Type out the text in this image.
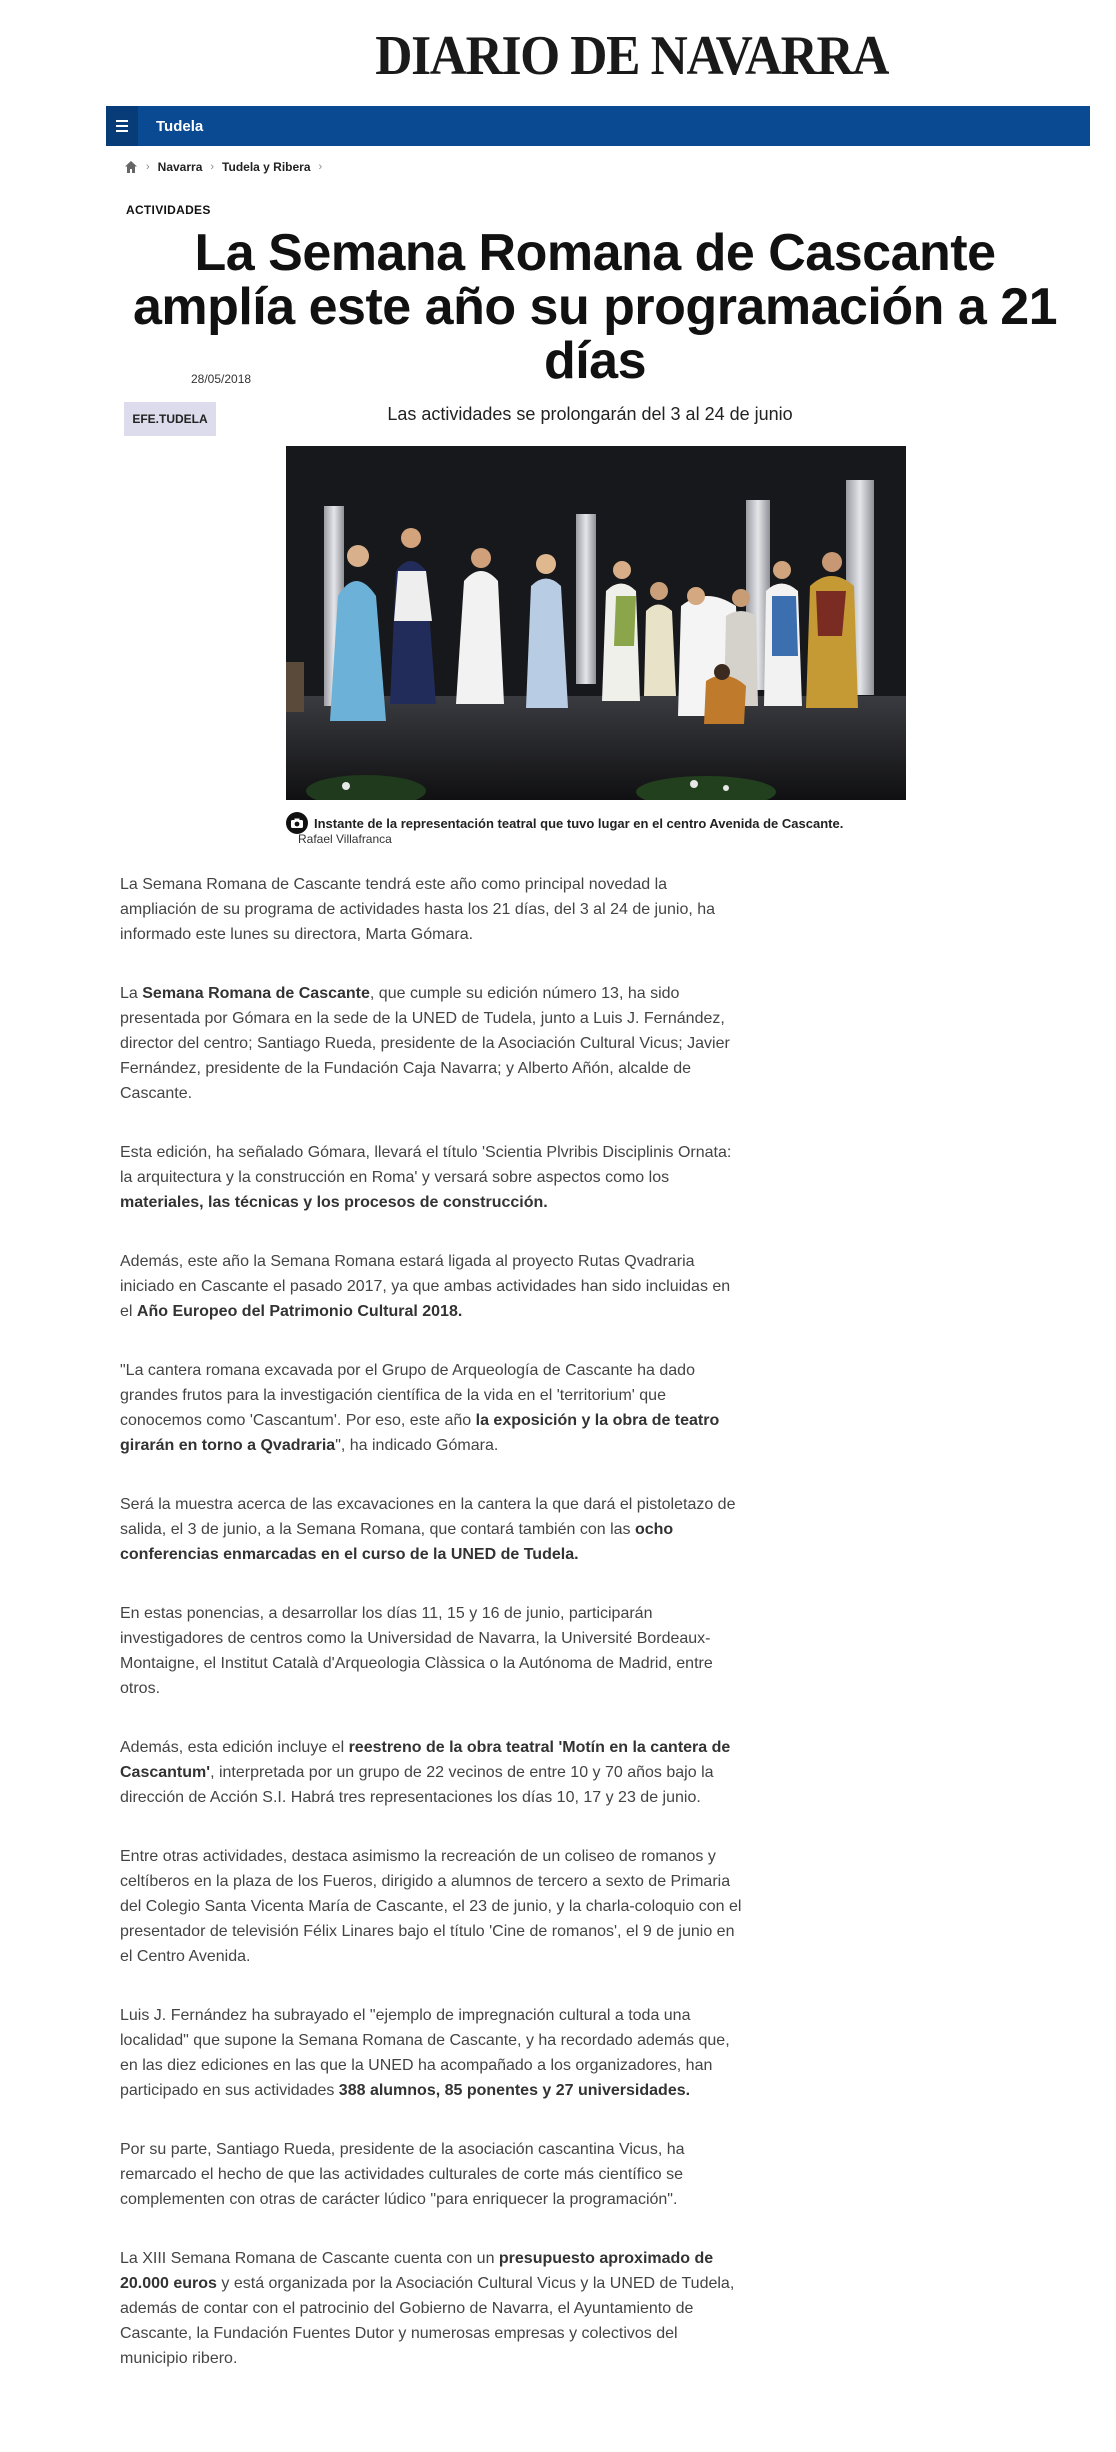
DIARIO DE NAVARRA
Tudela
› Navarra › Tudela y Ribera ›
ACTIVIDADES
La Semana Romana de Cascante amplía este año su programación a 21 días
28/05/2018
EFE.TUDELA	Las actividades se prolongarán del 3 al 24 de junio
Instante de la representación teatral que tuvo lugar en el centro Avenida de Cascante.
Rafael Villafranca

La Semana Romana de Cascante tendrá este año como principal novedad la ampliación de su programa de actividades hasta los 21 días, del 3 al 24 de junio, ha informado este lunes su directora, Marta Gómara.

La Semana Romana de Cascante, que cumple su edición número 13, ha sido presentada por Gómara en la sede de la UNED de Tudela, junto a Luis J. Fernández, director del centro; Santiago Rueda, presidente de la Asociación Cultural Vicus; Javier Fernández, presidente de la Fundación Caja Navarra; y Alberto Añón, alcalde de Cascante.

Esta edición, ha señalado Gómara, llevará el título 'Scientia Plvribis Disciplinis Ornata: la arquitectura y la construcción en Roma' y versará sobre aspectos como los materiales, las técnicas y los procesos de construcción.

Además, este año la Semana Romana estará ligada al proyecto Rutas Qvadraria iniciado en Cascante el pasado 2017, ya que ambas actividades han sido incluidas en el Año Europeo del Patrimonio Cultural 2018.

"La cantera romana excavada por el Grupo de Arqueología de Cascante ha dado grandes frutos para la investigación científica de la vida en el 'territorium' que conocemos como 'Cascantum'. Por eso, este año la exposición y la obra de teatro girarán en torno a Qvadraria", ha indicado Gómara.

Será la muestra acerca de las excavaciones en la cantera la que dará el pistoletazo de salida, el 3 de junio, a la Semana Romana, que contará también con las ocho conferencias enmarcadas en el curso de la UNED de Tudela.

En estas ponencias, a desarrollar los días 11, 15 y 16 de junio, participarán investigadores de centros como la Universidad de Navarra, la Université Bordeaux-Montaigne, el Institut Català d'Arqueologia Clàssica o la Autónoma de Madrid, entre otros.

Además, esta edición incluye el reestreno de la obra teatral 'Motín en la cantera de Cascantum', interpretada por un grupo de 22 vecinos de entre 10 y 70 años bajo la dirección de Acción S.I. Habrá tres representaciones los días 10, 17 y 23 de junio.

Entre otras actividades, destaca asimismo la recreación de un coliseo de romanos y celtíberos en la plaza de los Fueros, dirigido a alumnos de tercero a sexto de Primaria del Colegio Santa Vicenta María de Cascante, el 23 de junio, y la charla-coloquio con el presentador de televisión Félix Linares bajo el título 'Cine de romanos', el 9 de junio en el Centro Avenida.

Luis J. Fernández ha subrayado el "ejemplo de impregnación cultural a toda una localidad" que supone la Semana Romana de Cascante, y ha recordado además que, en las diez ediciones en las que la UNED ha acompañado a los organizadores, han participado en sus actividades 388 alumnos, 85 ponentes y 27 universidades.

Por su parte, Santiago Rueda, presidente de la asociación cascantina Vicus, ha remarcado el hecho de que las actividades culturales de corte más científico se complementen con otras de carácter lúdico "para enriquecer la programación".

La XIII Semana Romana de Cascante cuenta con un presupuesto aproximado de 20.000 euros y está organizada por la Asociación Cultural Vicus y la UNED de Tudela, además de contar con el patrocinio del Gobierno de Navarra, el Ayuntamiento de Cascante, la Fundación Fuentes Dutor y numerosas empresas y colectivos del municipio ribero.
